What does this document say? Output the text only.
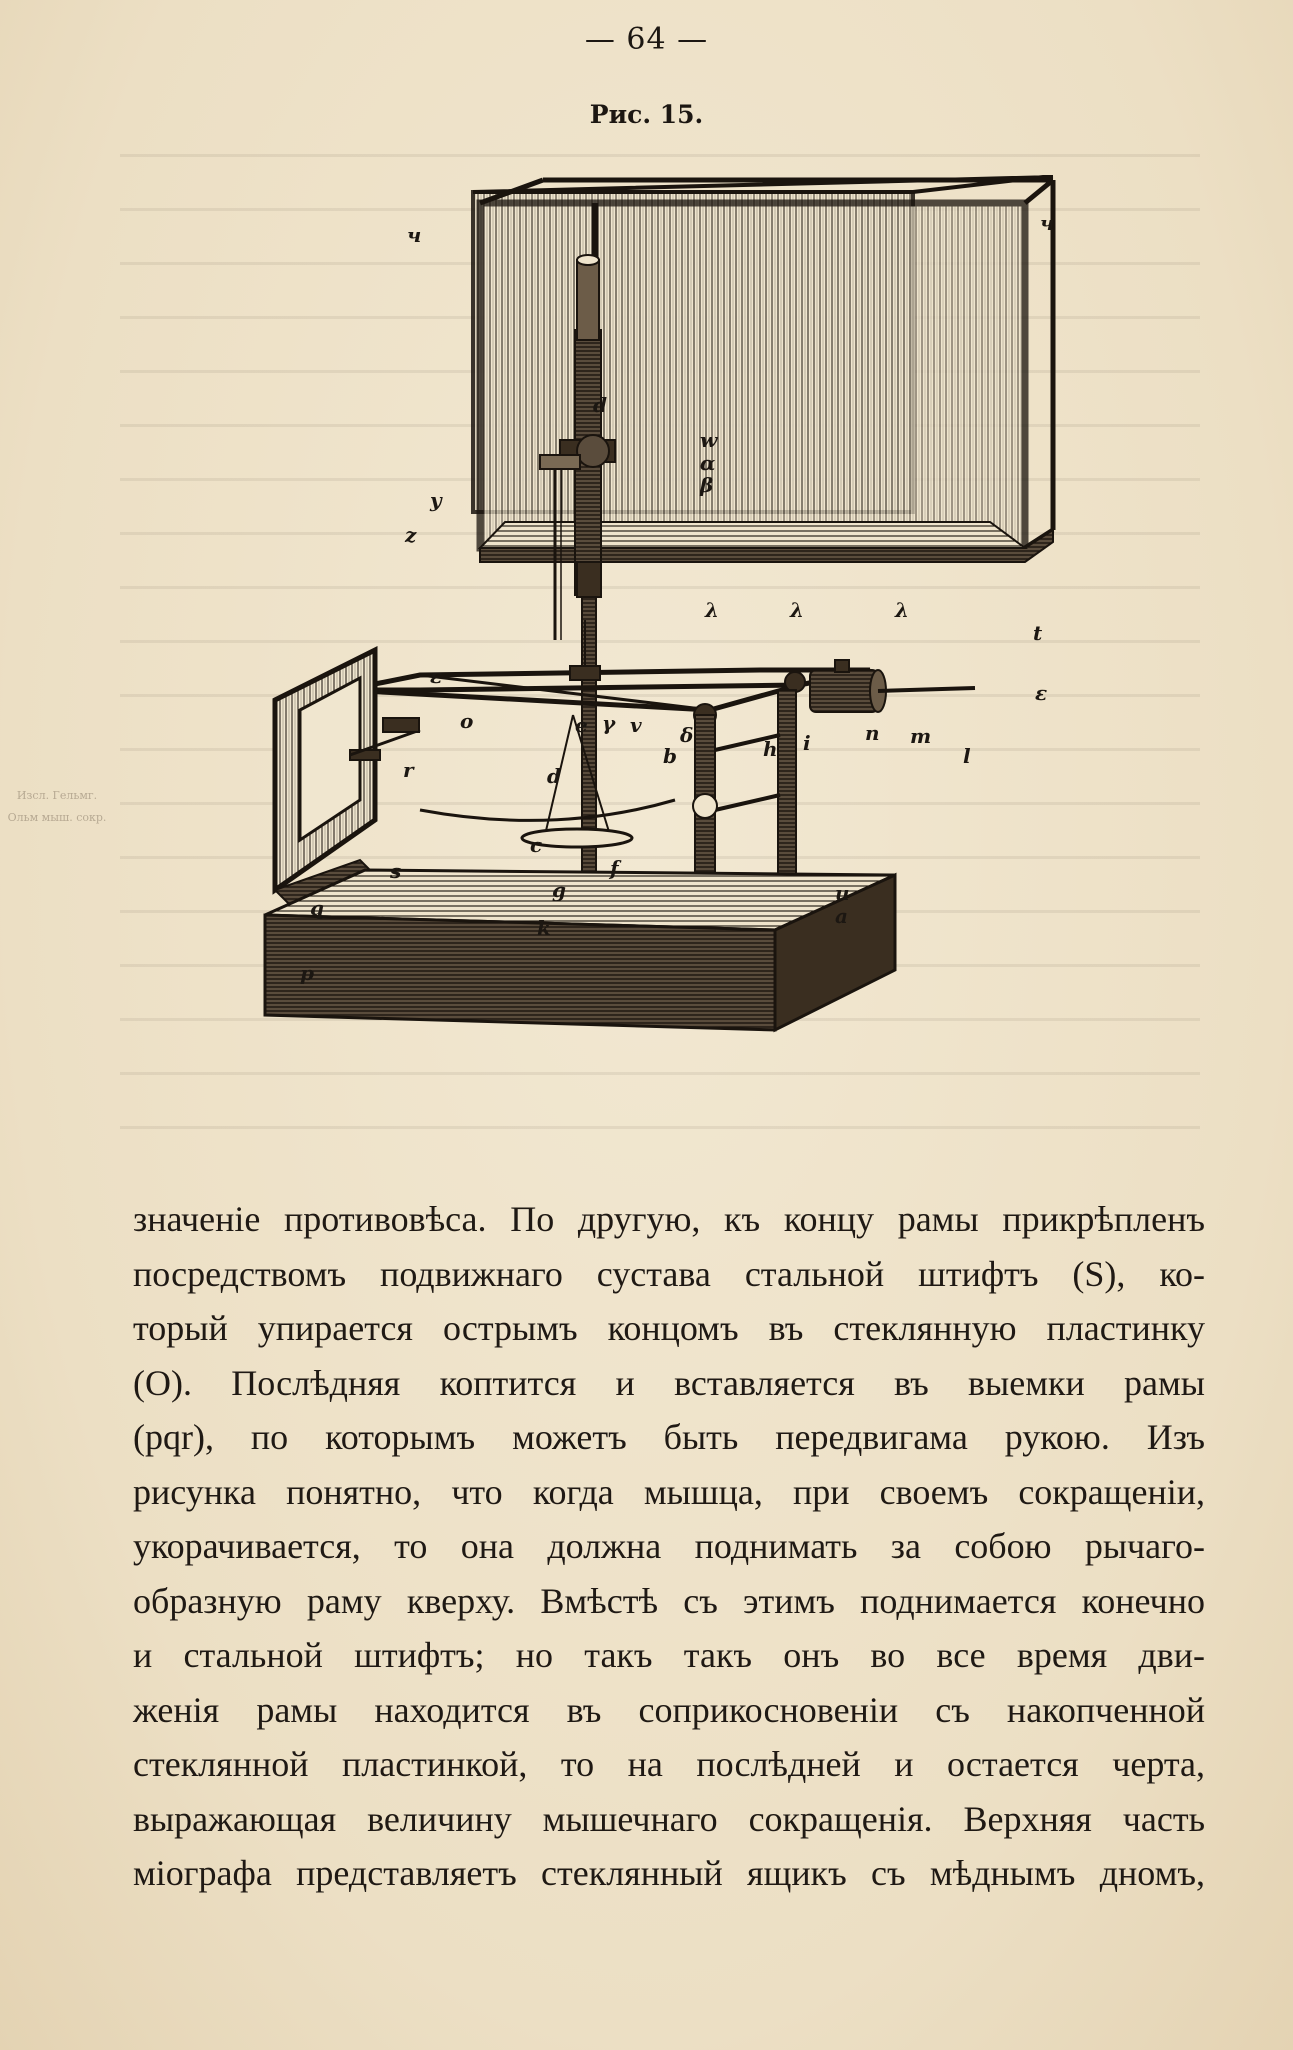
— 64 —
Рис. 15.
ч	ч
d
w
α
β
y
z
λ	λ	λ
t
ε
ε
e γ v δ
o
r	d
b	h i	n m
l
c
f
s
g
k
u
a
q
p
Изсл. Гельмг. Ольм мыш. сокр.
значеніе противовѣса. По другую, къ концу рамы прикрѣпленъ
посредствомъ подвижнаго сустава стальной штифтъ (S), ко-
торый упирается острымъ концомъ въ стеклянную пластинку
(O). Послѣдняя коптится и вставляется въ выемки рамы
(pqr), по которымъ можетъ быть передвигама рукою. Изъ
рисунка понятно, что когда мышца, при своемъ сокращеніи,
укорачивается, то она должна поднимать за собою рычаго-
образную раму кверху. Вмѣстѣ съ этимъ поднимается конечно
и стальной штифтъ; но такъ такъ онъ во все время дви-
женія рамы находится въ соприкосновеніи съ накопченной
стеклянной пластинкой, то на послѣдней и остается черта,
выражающая величину мышечнаго сокращенія. Верхняя часть
міографа представляетъ стеклянный ящикъ съ мѣднымъ дномъ,
